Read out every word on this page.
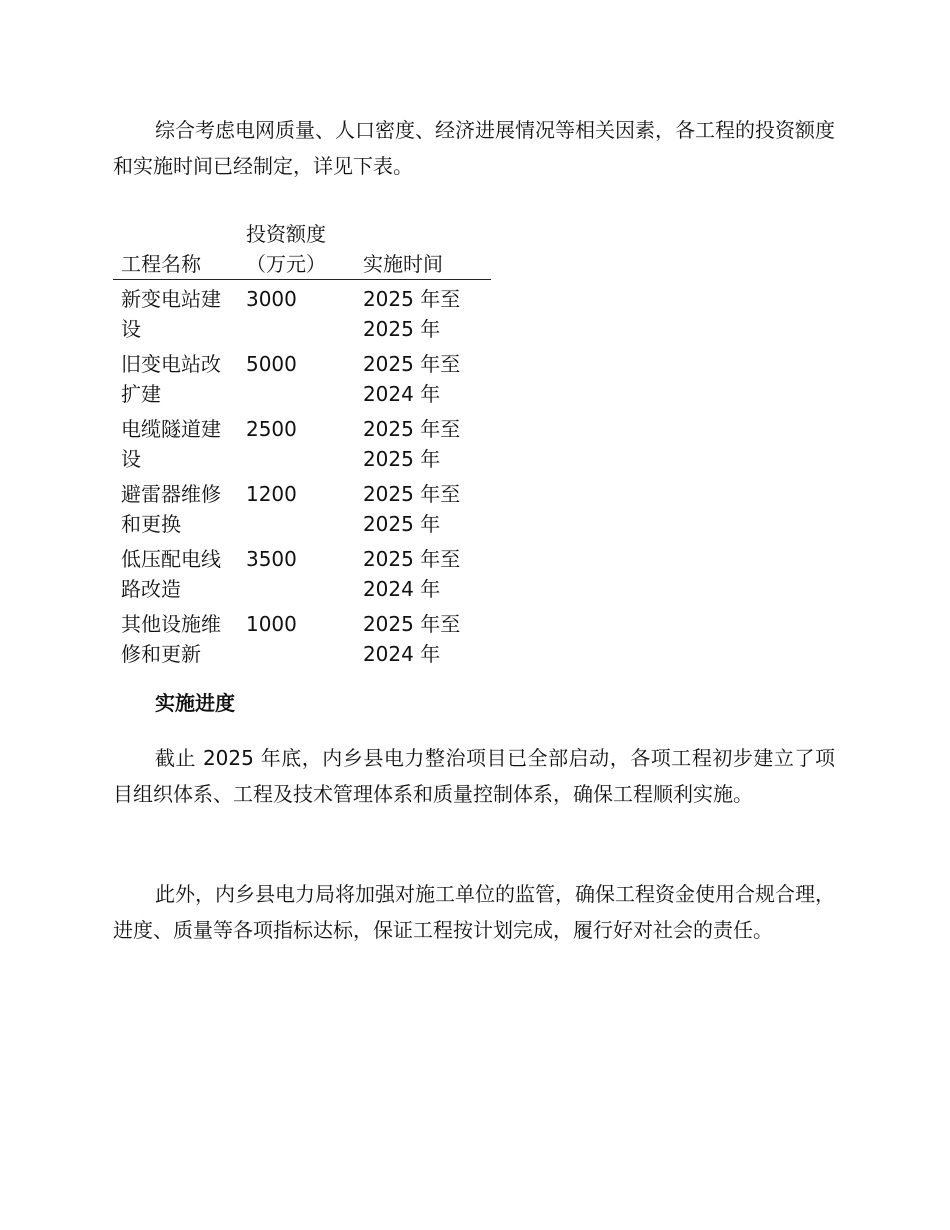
综合考虑电网质量、人口密度、经济进展情况等相关因素，各工程的投资额度和实施时间已经制定，详见下表。

工程名称	投资额度（万元）	实施时间
新变电站建设	3000	2025 年至 2025 年
旧变电站改扩建	5000	2025 年至 2024 年
电缆隧道建设	2500	2025 年至 2025 年
避雷器维修和更换	1200	2025 年至 2025 年
低压配电线路改造	3500	2025 年至 2024 年
其他设施维修和更新	1000	2025 年至 2024 年
实施进度

截止 2025 年底，内乡县电力整治项目已全部启动，各项工程初步建立了项目组织体系、工程及技术管理体系和质量控制体系，确保工程顺利实施。

此外，内乡县电力局将加强对施工单位的监管，确保工程资金使用合规合理，进度、质量等各项指标达标，保证工程按计划完成，履行好对社会的责任。
